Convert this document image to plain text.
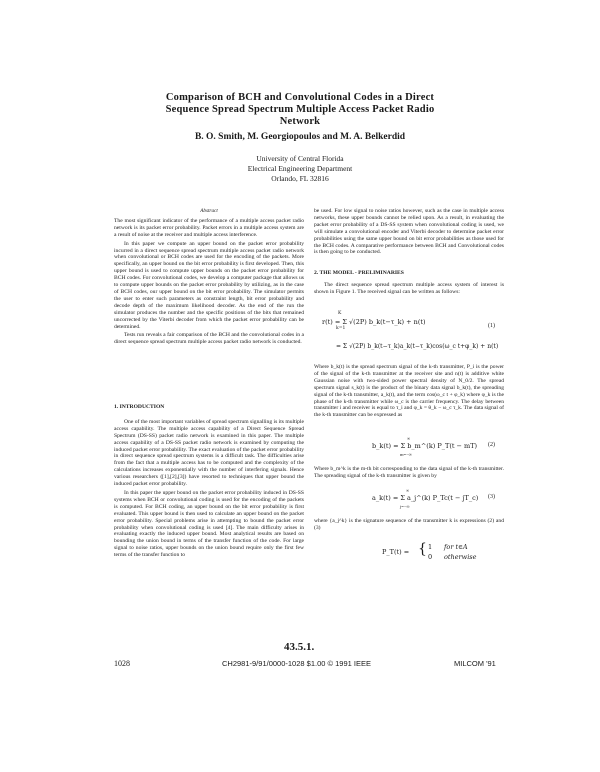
Comparison of BCH and Convolutional Codes in a Direct
Sequence Spread Spectrum Multiple Access Packet Radio
Network
B. O. Smith, M. Georgiopoulos and M. A. Belkerdid
University of Central Florida
Electrical Engineering Department
Orlando, FL 32816
Abstract

The most significant indicator of the performance of a multiple access packet radio network is its packet error probability. Packet errors in a multiple access system are a result of noise at the receiver and multiple access interference.

In this paper we compute an upper bound on the packet error probability incurred in a direct sequence spread spectrum multiple access packet radio network when convolutional or BCH codes are used for the encoding of the packets. More specifically, an upper bound on the bit error probability is first developed. Then, this upper bound is used to compute upper bounds on the packet error probability for BCH codes. For convolutional codes, we develop a computer package that allows us to compute upper bounds on the packet error probability by utilizing, as in the case of BCH codes, our upper bound on the bit error probability. The simulator permits the user to enter such parameters as constraint length, bit error probability and decode depth of the maximum likelihood decoder. As the end of the run the simulator produces the number and the specific positions of the bits that remained uncorrected by the Viterbi decoder from which the packet error probability can be determined.

Tests run reveals a fair comparison of the BCH and the convolutional codes in a direct sequence spread spectrum multiple access packet radio network is conducted.

1. INTRODUCTION

One of the most important variables of spread spectrum signalling is its multiple access capability. The multiple access capability of a Direct Sequence Spread Spectrum (DS-SS) packet radio network is examined in this paper. The multiple access capability of a DS-SS packet radio network is examined by computing the induced packet error probability. The exact evaluation of the packet error probability in direct sequence spread spectrum systems is a difficult task. The difficulties arise from the fact that a multiple access has to be computed and the complexity of the calculations increases exponentially with the number of interfering signals. Hence various researchers ([1],[2],[3]) have resorted to techniques that upper bound the induced packet error probability.

In this paper the upper bound on the packet error probability induced in DS-SS systems when BCH or convolutional coding is used for the encoding of the packets is computed. For BCH coding, an upper bound on the bit error probability is first evaluated. This upper bound is then used to calculate an upper bound on the packet error probability. Special problems arise in attempting to bound the packet error probability when convolutional coding is used [4]. The main difficulty arises in evaluating exactly the induced upper bound. Most analytical results are based on bounding the union bound in terms of the transfer function of the code. For large signal to noise ratios, upper bounds on the union bound require only the first few terms of the transfer function to

be used. For low signal to noise ratios however, such as the case in multiple access networks, these upper bounds cannot be relied upon. As a result, in evaluating the packet error probability of a DS-SS system when convolutional coding is used, we will simulate a convolutional encoder and Viterbi decoder to determine packet error probabilities using the same upper bound on bit error probabilities as those used for the BCH codes. A comparative performance between BCH and Convolutional codes is then going to be conducted.
2. THE MODEL - PRELIMINARIES

The direct sequence spread spectrum multiple access system of interest is shown in Figure 1. The received signal can be written as follows:

K
k=1
r(t) = Σ √(2P) b_k(t−τ_k) + n(t)	(1)
= Σ √(2P) b_k(t−τ_k)a_k(t−τ_k)cos(ω_c t+φ_k) + n(t)
Where b_k(t) is the spread spectrum signal of the k-th transmitter, P_i is the power of the signal of the k-th transmitter at the receiver site and n(t) is additive white Gaussian noise with two-sided power spectral density of N_0/2. The spread spectrum signal s_k(t) is the product of the binary data signal b_k(t), the spreading signal of the k-th transmitter, a_k(t), and the term cos(ω_c t + φ_k) where φ_k is the phase of the k-th transmitter while ω_c is the carrier frequency. The delay between transmitter i and receiver is equal to τ_i and φ_k = θ_k − ω_c τ_k. The data signal of the k-th transmitter can be expressed as
b_k(t) = Σ b_m^(k) P_T(t − mT)
∞
m=−∞
(2)
Where b_m^k is the m-th bit corresponding to the data signal of the k-th transmitter. The spreading signal of the k-th transmitter is given by
a_k(t) = Σ a_j^(k) P_Tc(t − jT_c)
∞
j=−∞
(3)
where {a_j^k} is the signature sequence of the transmitter k is expressions (2) and (3)
P_T(t) = { 1 for t∈A
0 otherwise
43.5.1.
1028	CH2981-9/91/0000-1028 $1.00 © 1991 IEEE	MILCOM '91
